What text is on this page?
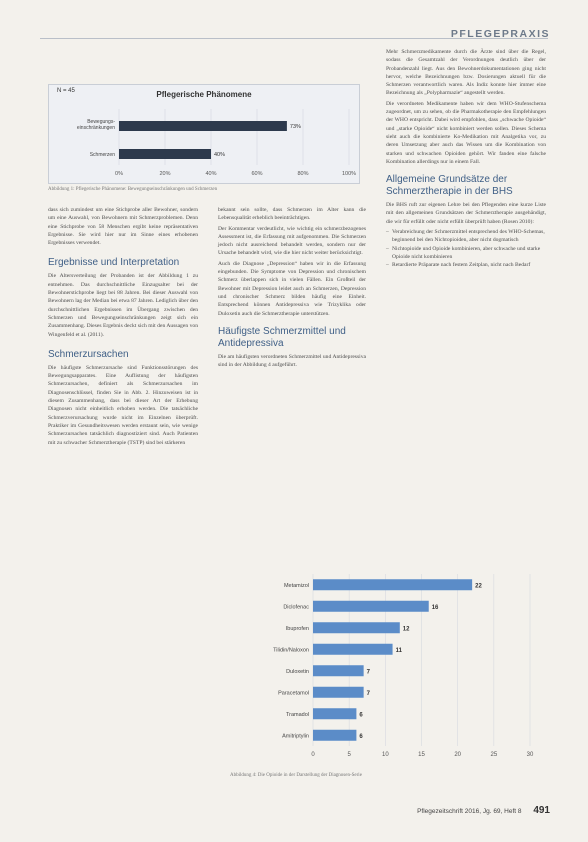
PFLEGEPRAXIS
N = 45	Pflegerische Phänomene
0%	20%	40%	60%	80%	100%
Bewegungs-
einschränkungen	73%
Schmerzen	40%
Abbildung 1: Pflegerische Phänomene: Bewegungseinschränkungen und Schmerzen

dass sich zumindest um eine Stichprobe aller Bewohner, sondern um eine Auswahl, von Bewohnern mit Schmerzproblemen. Denn eine Stichprobe von 58 Menschen ergibt keine repräsentativen Ergebnisse. Sie wird hier nur im Sinne eines erhobenen Ergebnisses verwendet.

Ergebnisse und Interpretation

Die Altersverteilung der Probanden ist der Abbildung 1 zu entnehmen. Das durchschnittliche Einzugsalter bei der Bewohnerstichprobe liegt bei 88 Jahren. Bei dieser Auswahl von Bewohnern lag der Median bei etwa 87 Jahren. Lediglich über den durchschnittlichen Ergebnissen im Übergang zwischen den Schmerzen und Bewegungseinschränkungen zeigt sich ein Zusammenhang. Dieses Ergebnis deckt sich mit den Aussagen von Wingenfeld et al. (2011).

Schmerzursachen

Die häufigste Schmerzursache sind Funktionsstörungen des Bewegungsapparates. Eine Auflistung der häufigsten Schmerzursachen, definiert als Schmerzursachen im Diagnosenschlüssel, finden Sie in Abb. 2. Hinzuweisen ist in diesem Zusammenhang, dass bei dieser Art der Erhebung Diagnosen nicht einheitlich erhoben werden. Die tatsächliche Schmerzverursachung wurde nicht im Einzelnen überprüft. Praktiker im Gesundheitswesen werden erstaunt sein, wie wenige Schmerzursachen tatsächlich diagnostiziert sind. Auch Patienten mit zu schwacher Schmerztherapie (TSTP) sind bei stärkeren

bekannt sein sollte, dass Schmerzen im Alter kann die Lebensqualität erheblich beeinträchtigen.

Der Kommentar verdeutlicht, wie wichtig ein schmerzbezogenes Assessment ist, die Erfassung mit aufgenommen. Die Schmerzen jedoch nicht ausreichend behandelt werden, sondern nur der Ursache behandelt wird, wie die hier nicht weiter berücksichtigt.

Auch die Diagnose „Depression“ haben wir in die Erfassung eingebunden. Die Symptome von Depression und chronischem Schmerz überlappen sich in vielen Fällen. Ein Großteil der Bewohner mit Depression leidet auch an Schmerzen, Depression und chronischer Schmerz bilden häufig eine Einheit. Entsprechend können Antidepressiva wie Trizyklika oder Duloxetin auch die Schmerztherapie unterstützen.

Häufigste Schmerzmittel und Antidepressiva

Die am häufigsten verordneten Schmerzmittel und Antidepressiva sind in der Abbildung 4 aufgeführt.

0	5	10	15	20	25	30
Metamizol	22
Diclofenac	16
Ibuprofen	12
Tilidin/Naloxon	11
Duloxetin	7
Paracetamol	7
Tramadol	6
Amitriptylin	6
Abbildung 4: Die Opioide in der Darstellung der Diagnosen-Serie

Mehr Schmerzmedikamente durch die Ärzte sind über die Regel, sodass die Gesamtzahl der Verordnungen deutlich über der Probandenzahl liegt. Aus den Bewohnerdokumentationen ging nicht hervor, welche Bezeichnungen bzw. Dosierungen aktuell für die Schmerzen verantwortlich waren. Als Indiz konnte hier immer eine Bezeichnung als „Polypharmazie“ angestellt werden.

Die verordneten Medikamente haben wir dem WHO-Stufenschema zugeordnet, um zu sehen, ob die Pharmakotherapie den Empfehlungen der WHO entspricht. Dabei wird empfohlen, dass „schwache Opioide“ und „starke Opioide“ nicht kombiniert werden sollen. Dieses Schema sieht auch die kombinierte Ko-Medikation mit Analgetika vor, zu deren Umsetzung aber auch das Wissen um die Kombination von starken und schwachen Opioiden gehört. Wir fanden eine falsche Kombination allerdings nur in einem Fall.

Allgemeine Grundsätze der Schmerztherapie in der BHS

Die BHS ruft zur eigenen Lehre bei den Pflegenden eine kurze Liste mit den allgemeinen Grundsätzen der Schmerztherapie ausgehändigt, die wir für erfüllt oder nicht erfüllt überprüft haben (Rosen 2010):

– Verabreichung der Schmerzmittel entsprechend des WHO-Schemas, beginnend bei den Nichtopioiden, aber nicht dogmatisch
– Nichtopioide und Opioide kombinieren, aber schwache und starke Opioide nicht kombinieren
– Retardierte Präparate nach festem Zeitplan, nicht nach Bedarf
Pflegezeitschrift 2016, Jg. 69, Heft 8 491
